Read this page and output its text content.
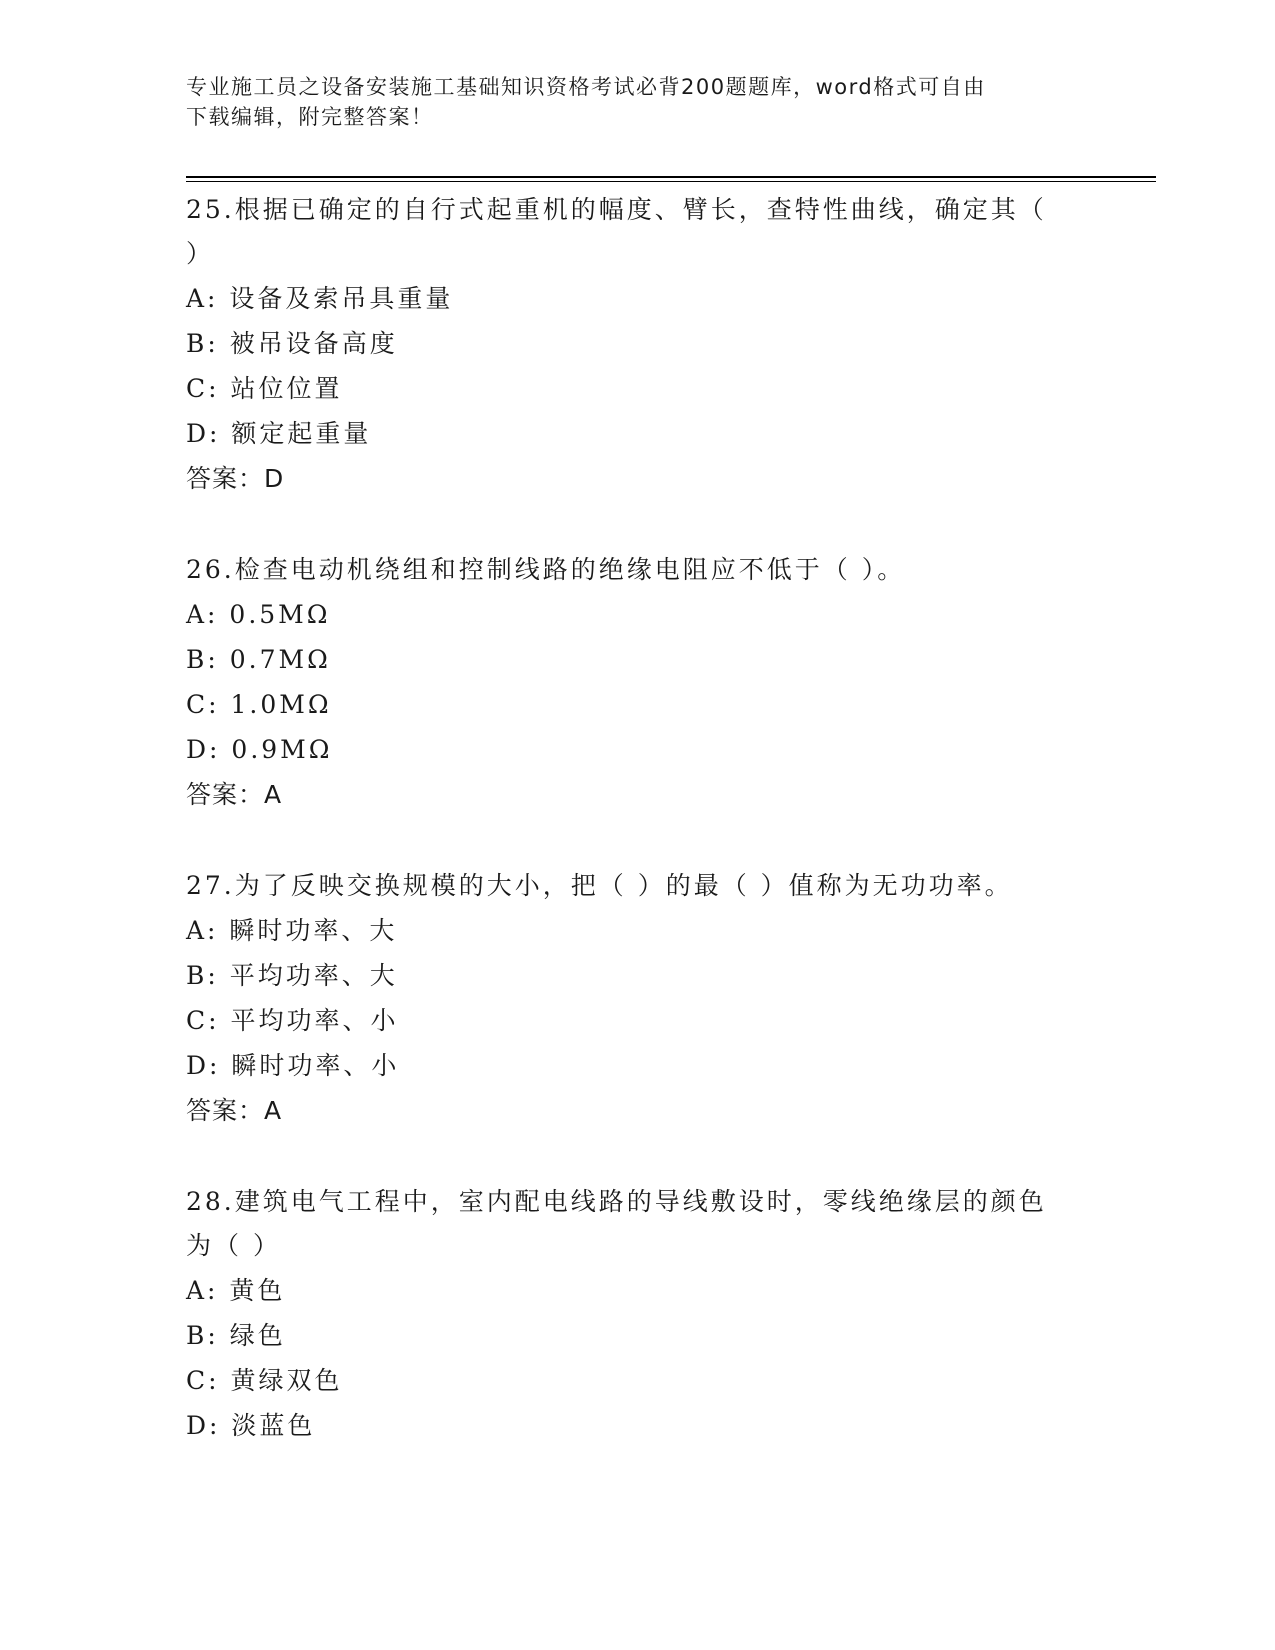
专业施工员之设备安装施工基础知识资格考试必背200题题库，word格式可自由
下载编辑，附完整答案！

25.根据已确定的自行式起重机的幅度、臂长，查特性曲线，确定其（

）

A: 设备及索吊具重量

B: 被吊设备高度

C: 站位位置

D: 额定起重量

答案：D

26.检查电动机绕组和控制线路的绝缘电阻应不低于（ ）。

A: 0.5MΩ

B: 0.7MΩ

C: 1.0MΩ

D: 0.9MΩ

答案：A

27.为了反映交换规模的大小，把（ ）的最（ ）值称为无功功率。

A: 瞬时功率、大

B: 平均功率、大

C: 平均功率、小

D: 瞬时功率、小

答案：A

28.建筑电气工程中，室内配电线路的导线敷设时，零线绝缘层的颜色

为（ ）

A: 黄色

B: 绿色

C: 黄绿双色

D: 淡蓝色
